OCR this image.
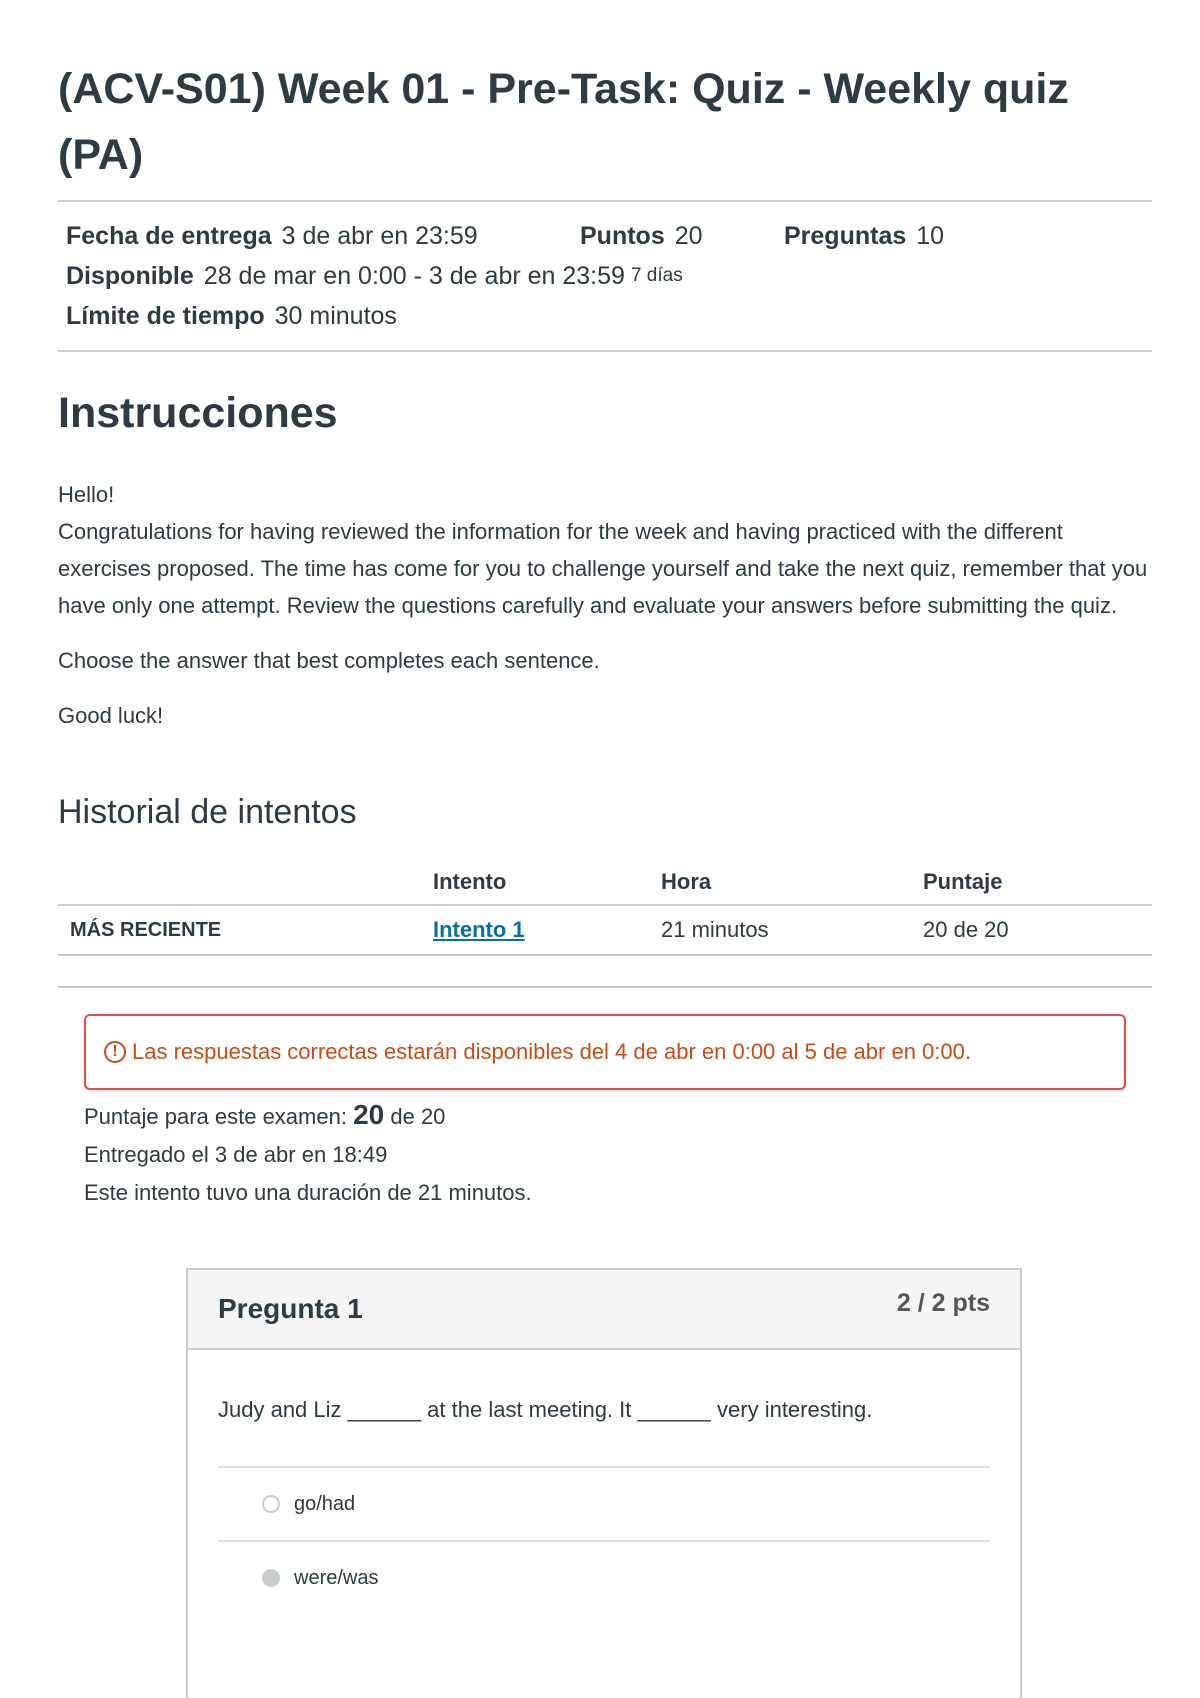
(ACV-S01) Week 01 - Pre-Task: Quiz - Weekly quiz (PA)
Fecha de entrega 3 de abr en 23:59	Puntos 20	Preguntas 10
Disponible 28 de mar en 0:00 - 3 de abr en 23:59 7 días
Límite de tiempo 30 minutos
Instrucciones

Hello!

Congratulations for having reviewed the information for the week and having practiced with the different exercises proposed. The time has come for you to challenge yourself and take the next quiz, remember that you have only one attempt. Review the questions carefully and evaluate your answers before submitting the quiz.

Choose the answer that best completes each sentence.

Good luck!

Historial de intentos
	Intento	Hora	Puntaje
MÁS RECIENTE	Intento 1	21 minutos	20 de 20
! Las respuestas correctas estarán disponibles del 4 de abr en 0:00 al 5 de abr en 0:00.
Puntaje para este examen: 20 de 20
Entregado el 3 de abr en 18:49
Este intento tuvo una duración de 21 minutos.
Pregunta 1	2 / 2 pts
Judy and Liz ______ at the last meeting. It ______ very interesting.
go/had
were/was
